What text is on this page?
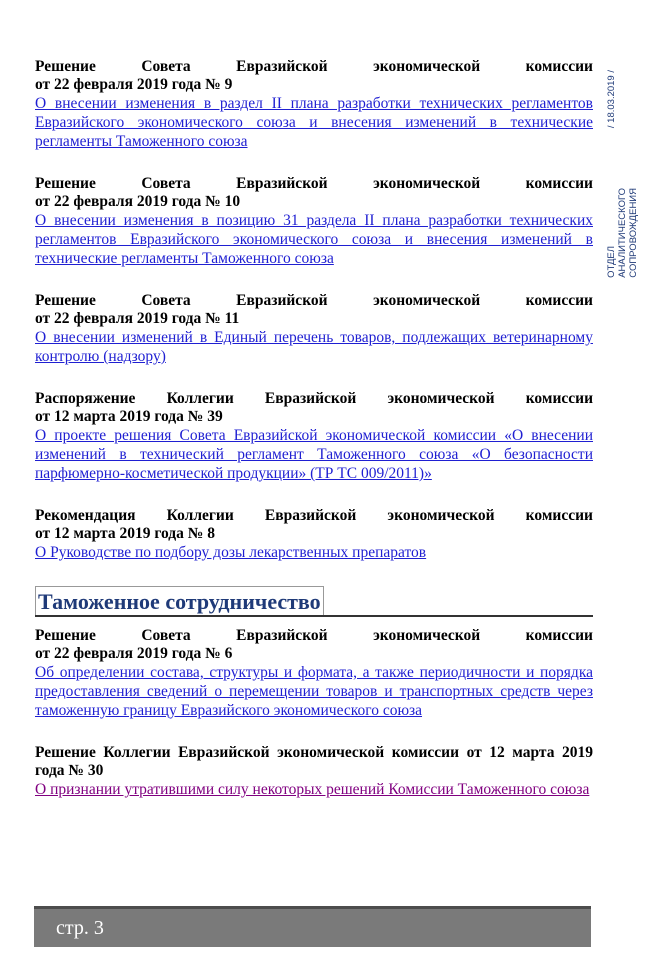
Решение	Совета	Евразийской	экономической	комиссии
от 22 февраля 2019 года № 9
О внесении изменения в раздел II плана разработки технических регламентов Евразийского экономического союза и внесения изменений в технические регламенты Таможенного союза
Решение	Совета	Евразийской	экономической	комиссии
от 22 февраля 2019 года № 10
О внесении изменения в позицию 31 раздела II плана разработки технических регламентов Евразийского экономического союза и внесения изменений в технические регламенты Таможенного союза
Решение	Совета	Евразийской	экономической	комиссии
от 22 февраля 2019 года № 11
О внесении изменений в Единый перечень товаров, подлежащих ветеринарному контролю (надзору)
Распоряжение Коллегии Евразийской экономической комиссии
от 12 марта 2019 года № 39
О проекте решения Совета Евразийской экономической комиссии «О внесении изменений в технический регламент Таможенного союза «О безопасности парфюмерно-косметической продукции» (ТР ТС 009/2011)»
Рекомендация Коллегии Евразийской экономической комиссии
от 12 марта 2019 года № 8
О Руководстве по подбору дозы лекарственных препаратов
Таможенное сотрудничество
Решение	Совета	Евразийской	экономической	комиссии
от 22 февраля 2019 года № 6
Об определении состава, структуры и формата, а также периодичности и порядка предоставления сведений о перемещении товаров и транспортных средств через таможенную границу Евразийского экономического союза
Решение Коллегии Евразийской экономической комиссии от 12 марта 2019 года № 30
О признании утратившими силу некоторых решений Комиссии Таможенного союза
/ 18.03.2019 /
ОТДЕЛ АНАЛИТИЧЕСКОГО СОПРОВОЖДЕНИЯ
стр. 3
